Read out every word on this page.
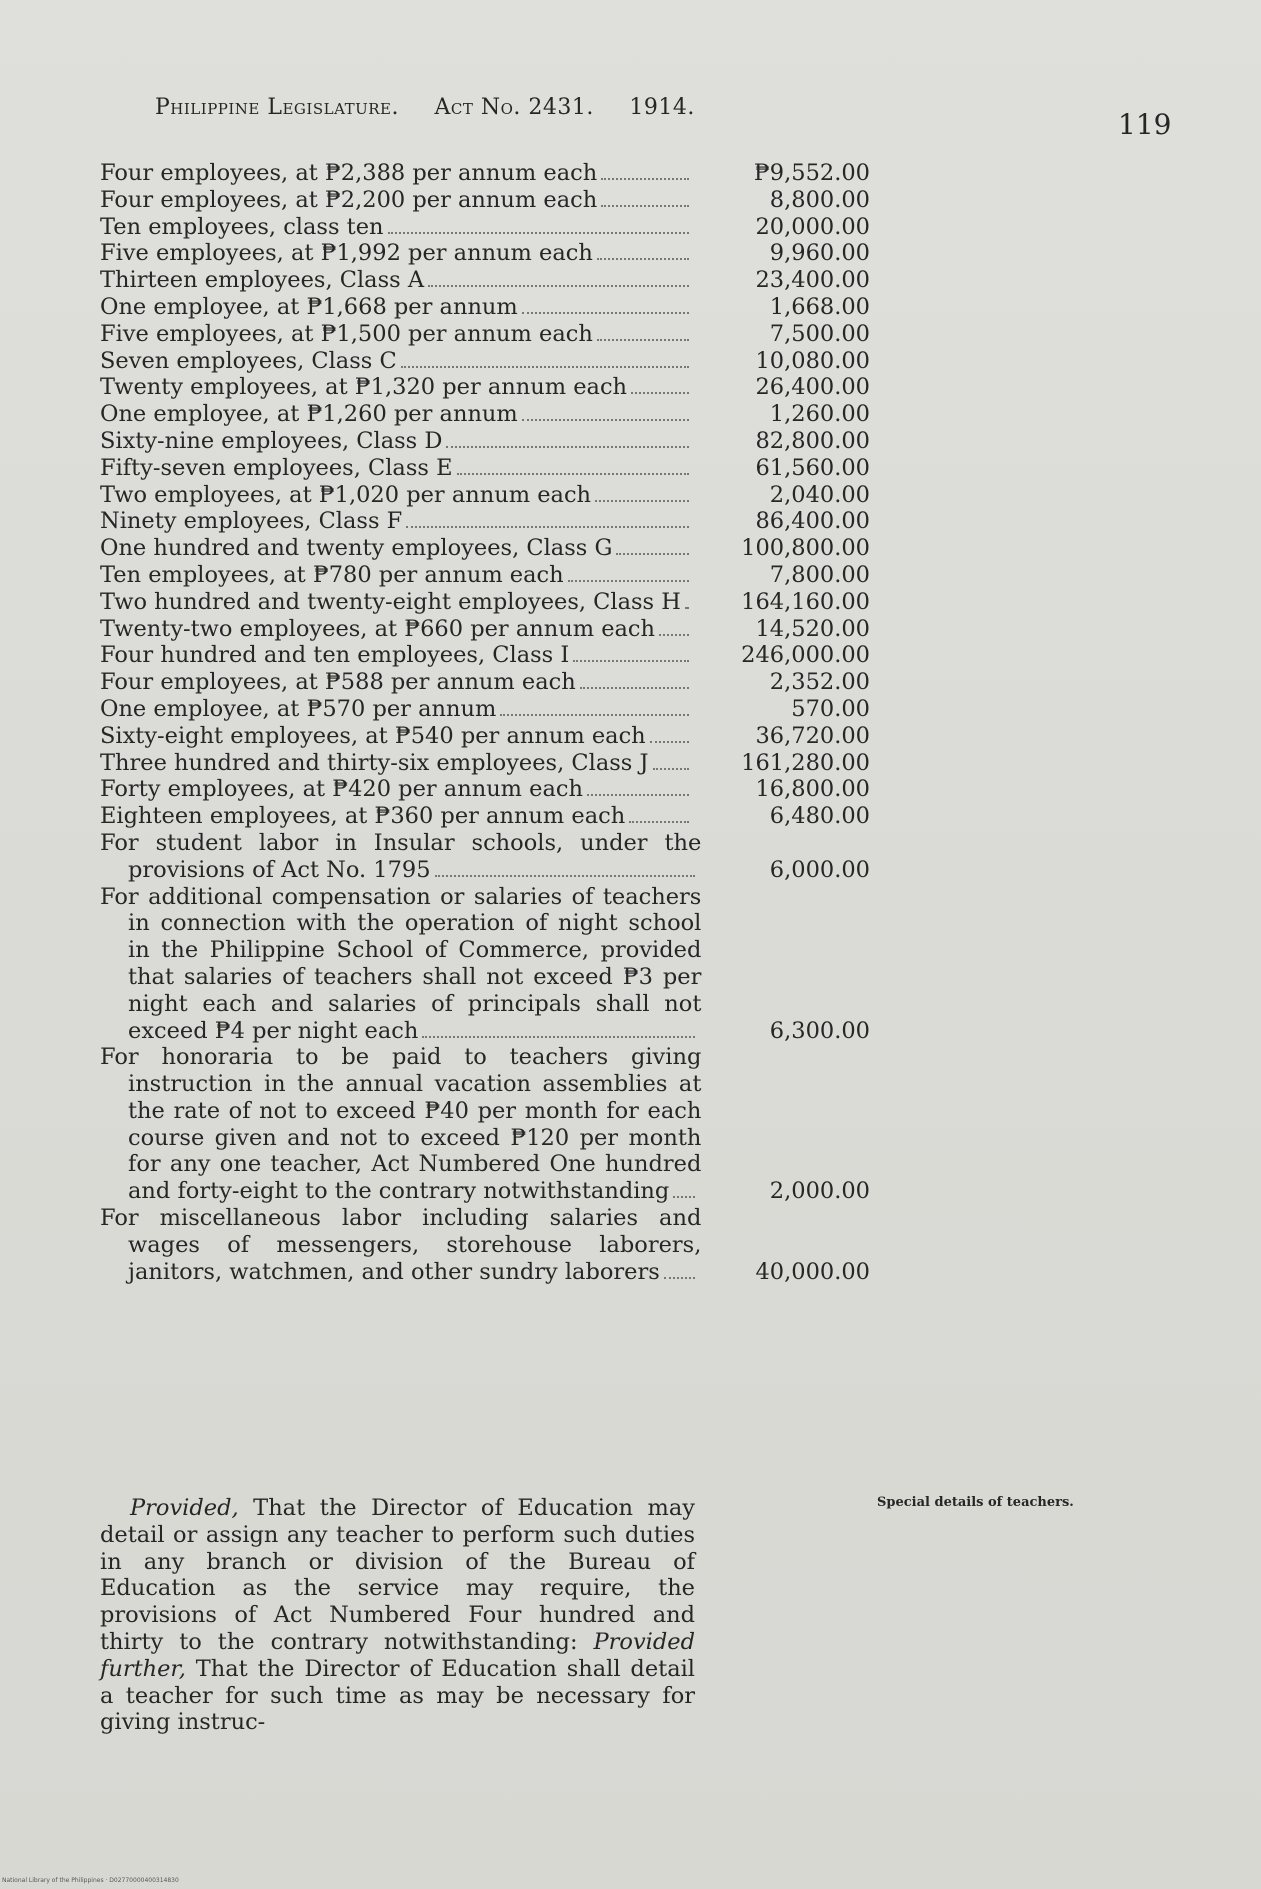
Philippine Legislature. Act No. 2431. 1914.
119
Four employees, at ₱2,388 per annum each	₱9,552.00
Four employees, at ₱2,200 per annum each	8,800.00
Ten employees, class ten	20,000.00
Five employees, at ₱1,992 per annum each	9,960.00
Thirteen employees, Class A	23,400.00
One employee, at ₱1,668 per annum	1,668.00
Five employees, at ₱1,500 per annum each	7,500.00
Seven employees, Class C	10,080.00
Twenty employees, at ₱1,320 per annum each	26,400.00
One employee, at ₱1,260 per annum	1,260.00
Sixty-nine employees, Class D	82,800.00
Fifty-seven employees, Class E	61,560.00
Two employees, at ₱1,020 per annum each	2,040.00
Ninety employees, Class F	86,400.00
One hundred and twenty employees, Class G	100,800.00
Ten employees, at ₱780 per annum each	7,800.00
Two hundred and twenty-eight employees, Class H	164,160.00
Twenty-two employees, at ₱660 per annum each	14,520.00
Four hundred and ten employees, Class I	246,000.00
Four employees, at ₱588 per annum each	2,352.00
One employee, at ₱570 per annum	570.00
Sixty-eight employees, at ₱540 per annum each	36,720.00
Three hundred and thirty-six employees, Class J	161,280.00
Forty employees, at ₱420 per annum each	16,800.00
Eighteen employees, at ₱360 per annum each	6,480.00
For student labor in Insular schools, under the provisions of Act No. 1795	6,000.00
For additional compensation or salaries of teachers in connection with the operation of night school in the Philippine School of Commerce, provided that salaries of teachers shall not exceed ₱3 per night each and salaries of principals shall not exceed ₱4 per night each	6,300.00
For honoraria to be paid to teachers giving instruction in the annual vacation assemblies at the rate of not to exceed ₱40 per month for each course given and not to exceed ₱120 per month for any one teacher, Act Numbered One hundred and forty-eight to the contrary notwithstanding	2,000.00
For miscellaneous labor including salaries and wages of messengers, storehouse laborers, janitors, watchmen, and other sundry laborers	40,000.00
Provided, That the Director of Education may detail or assign any teacher to perform such duties in any branch or division of the Bureau of Education as the service may require, the provisions of Act Numbered Four hundred and thirty to the contrary notwithstanding: Provided further, That the Director of Education shall detail a teacher for such time as may be necessary for giving instruc-
Special details of teachers.
National Library of the Philippines · D02770000400314830
